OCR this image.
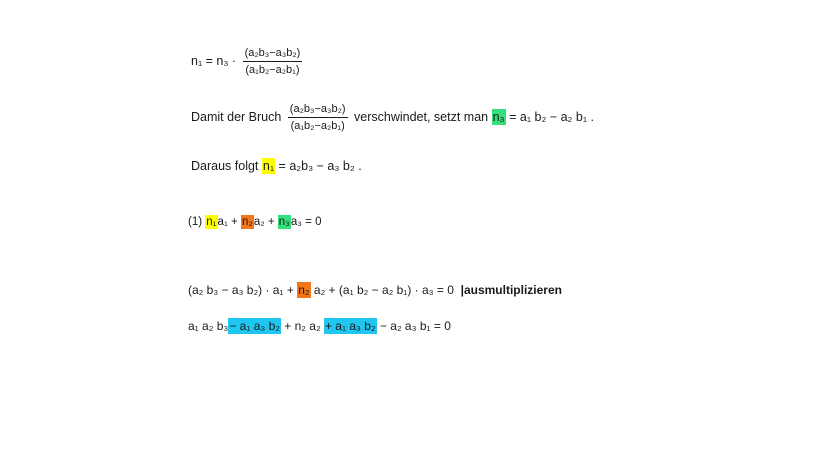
$n_1 = n_3 \cdot \frac{\text{(a₂b₃−a₃b₂)}}{\text{(a₁b₂−a₂b₁)}}$
Damit der Bruch $\frac{\text{(a₂b₃−a₃b₂)}}{\text{(a₁b₂−a₂b₁)}}$ verschwindet, setzt man n₃ = a₁ b₂ − a₂ b₁ .
Daraus folgt n₁ = a₂b₃ − a₃ b₂ .
(1) n₁a₁ + n₂a₂ + n₃a₃ = 0
(a₂ b₃ − a₃ b₂) · a₁ + n₂ a₂ + (a₁ b₂ − a₂ b₁) · a₃ = 0 |ausmultiplizieren
a₁ a₂ b₃− a₁ a₃ b₂ + n₂ a₂ + a₁ a₃ b₂ − a₂ a₃ b₁ = 0
